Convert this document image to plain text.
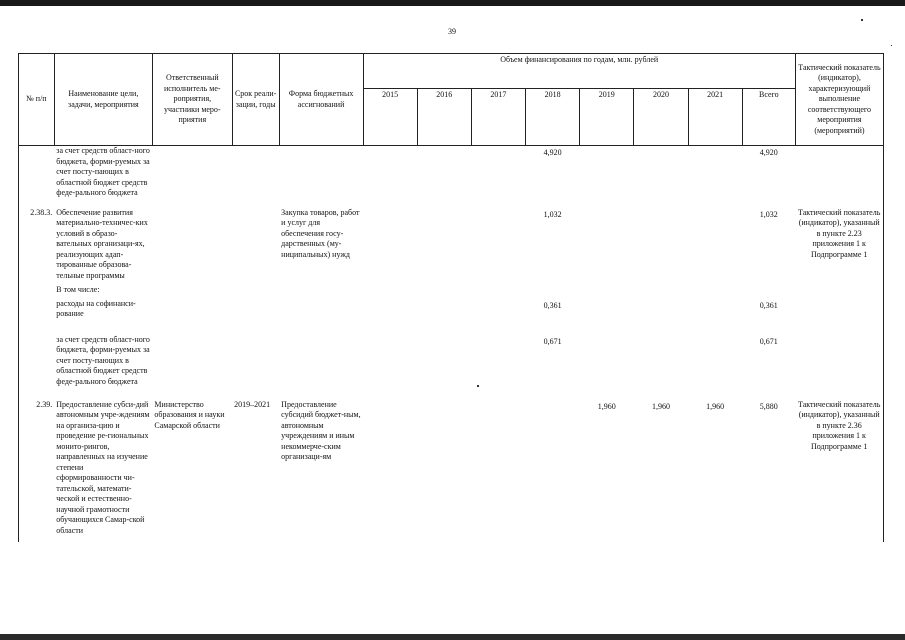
39
№ п/п	Наименование цели, задачи, мероприятия	Ответственный исполнитель ме-роприятия, участники меро-приятия	Срок реали-зации, годы	Форма бюджетных ассигнований	Объем финансирования по годам, млн. рублей								Тактический показатель (индикатор), характеризующий выполнение соответствующего мероприятия (мероприятий)
					2015	2016	2017	2018	2019	2020	2021	Всего	
	за счет средств област-ного бюджета, форми-руемых за счет посту-пающих в областной бюджет средств феде-рального бюджета							4,920				4,920	
2.38.3.	Обеспечение развития материально-техничес-ких условий в образо-вательных организаци-ях, реализующих адап-тированные образова-тельные программы			Закупка товаров, работ и услуг для обеспечения госу-дарственных (му-ниципальных) нужд				1,032				1,032	Тактический показатель (индикатор), указанный в пункте 2.23 приложения 1 к Подпрограмме 1
	В том числе:												
	расходы на софинанси-рование							0,361				0,361	
	за счет средств област-ного бюджета, форми-руемых за счет посту-пающих в областной бюджет средств феде-рального бюджета							0,671				0,671	
2.39.	Предоставление субси-дий автономным учре-ждениям на организа-цию и проведение ре-гиональных монито-рингов, направленных на изучение степени сформированности чи-тательской, математи-ческой и естественно-научной грамотности обучающихся Самар-ской области	Министерство образования и науки Самарской области	2019–2021	Предоставление субсидий бюджет-ным, автономным учреждениям и иным некоммерче-ским организаци-ям					1,960	1,960	1,960	5,880	Тактический показатель (индикатор), указанный в пункте 2.36 приложения 1 к Подпрограмме 1
